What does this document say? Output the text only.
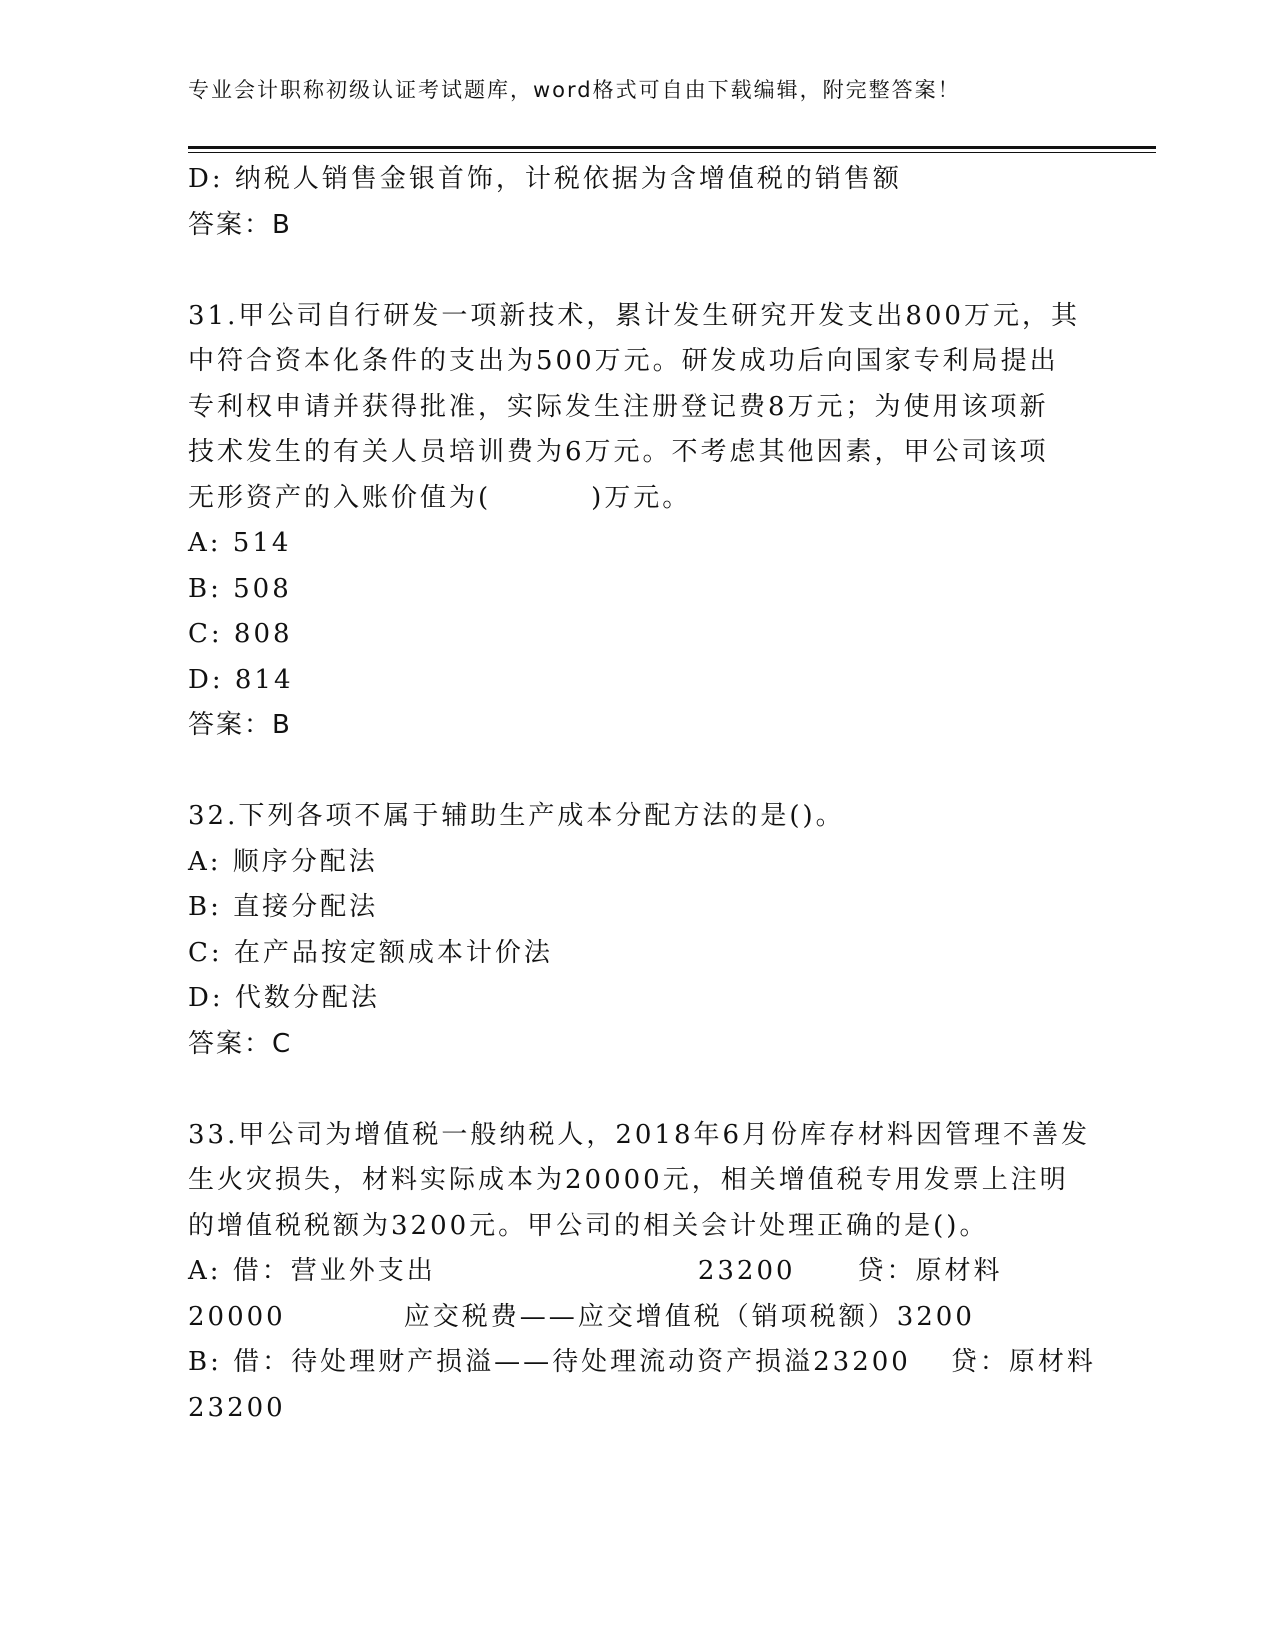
专业会计职称初级认证考试题库，word格式可自由下载编辑，附完整答案！
D: 纳税人销售金银首饰，计税依据为含增值税的销售额
答案：B
31.甲公司自行研发一项新技术，累计发生研究开发支出800万元，其
中符合资本化条件的支出为500万元。研发成功后向国家专利局提出
专利权申请并获得批准，实际发生注册登记费8万元；为使用该项新
技术发生的有关人员培训费为6万元。不考虑其他因素，甲公司该项
无形资产的入账价值为(	)万元。
A: 514
B: 508
C: 808
D: 814
答案：B
32.下列各项不属于辅助生产成本分配方法的是()。
A: 顺序分配法
B: 直接分配法
C: 在产品按定额成本计价法
D: 代数分配法
答案：C
33.甲公司为增值税一般纳税人，2018年6月份库存材料因管理不善发
生火灾损失，材料实际成本为20000元，相关增值税专用发票上注明
的增值税税额为3200元。甲公司的相关会计处理正确的是()。
A: 借：营业外支出	23200 贷：原材料
20000	应交税费——应交增值税（销项税额）3200
B: 借：待处理财产损溢——待处理流动资产损溢23200 贷：原材料
23200
